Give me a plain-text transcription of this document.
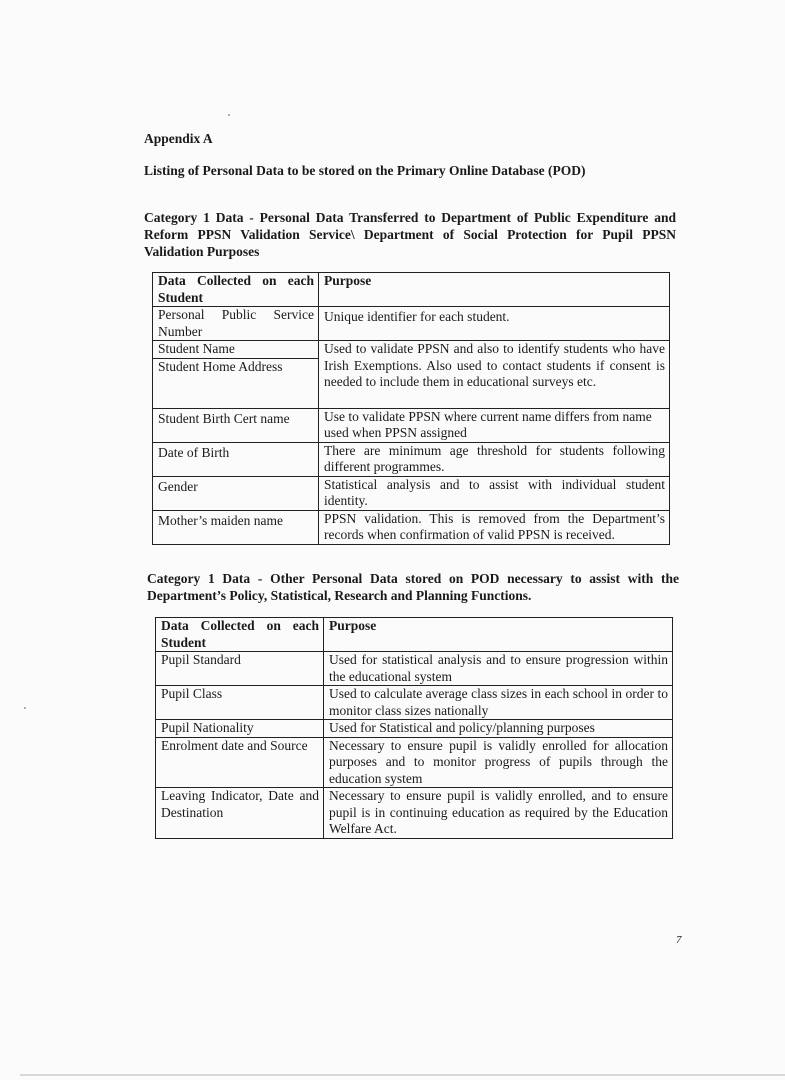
Appendix A

Listing of Personal Data to be stored on the Primary Online Database (POD)

Category 1 Data - Personal Data Transferred to Department of Public Expenditure and Reform PPSN Validation Service\ Department of Social Protection for Pupil PPSN Validation Purposes

Data Collected on each Student	Purpose
Personal Public Service Number	Unique identifier for each student.
Student Name	Used to validate PPSN and also to identify students who have Irish Exemptions. Also used to contact students if consent is needed to include them in educational surveys etc.
Student Home Address	
Student Birth Cert name	Use to validate PPSN where current name differs from name used when PPSN assigned
Date of Birth	There are minimum age threshold for students following different programmes.
Gender	Statistical analysis and to assist with individual student identity.
Mother’s maiden name	PPSN validation. This is removed from the Department’s records when confirmation of valid PPSN is received.

Category 1 Data - Other Personal Data stored on POD necessary to assist with the Department’s Policy, Statistical, Research and Planning Functions.

Data Collected on each Student	Purpose
Pupil Standard	Used for statistical analysis and to ensure progression within the educational system
Pupil Class	Used to calculate average class sizes in each school in order to monitor class sizes nationally
Pupil Nationality	Used for Statistical and policy/planning purposes
Enrolment date and Source	Necessary to ensure pupil is validly enrolled for allocation purposes and to monitor progress of pupils through the education system
Leaving Indicator, Date and Destination	Necessary to ensure pupil is validly enrolled, and to ensure pupil is in continuing education as required by the Education Welfare Act.
7
